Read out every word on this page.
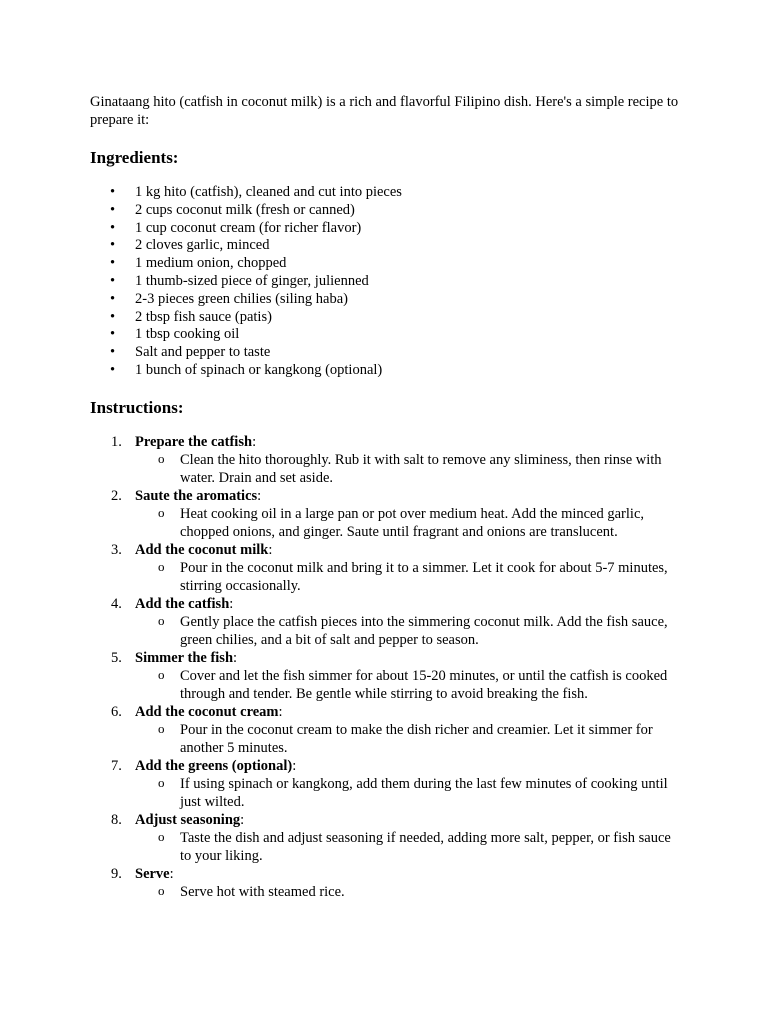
Ginataang hito (catfish in coconut milk) is a rich and flavorful Filipino dish. Here's a simple recipe to prepare it:

Ingredients:
• 1 kg hito (catfish), cleaned and cut into pieces
• 2 cups coconut milk (fresh or canned)
• 1 cup coconut cream (for richer flavor)
• 2 cloves garlic, minced
• 1 medium onion, chopped
• 1 thumb-sized piece of ginger, julienned
• 2-3 pieces green chilies (siling haba)
• 2 tbsp fish sauce (patis)
• 1 tbsp cooking oil
• Salt and pepper to taste
• 1 bunch of spinach or kangkong (optional)
Instructions:
1. Prepare the catfish:
o Clean the hito thoroughly. Rub it with salt to remove any sliminess, then rinse with water. Drain and set aside.
2. Saute the aromatics:
o Heat cooking oil in a large pan or pot over medium heat. Add the minced garlic, chopped onions, and ginger. Saute until fragrant and onions are translucent.
3. Add the coconut milk:
o Pour in the coconut milk and bring it to a simmer. Let it cook for about 5-7 minutes, stirring occasionally.
4. Add the catfish:
o Gently place the catfish pieces into the simmering coconut milk. Add the fish sauce, green chilies, and a bit of salt and pepper to season.
5. Simmer the fish:
o Cover and let the fish simmer for about 15-20 minutes, or until the catfish is cooked through and tender. Be gentle while stirring to avoid breaking the fish.
6. Add the coconut cream:
o Pour in the coconut cream to make the dish richer and creamier. Let it simmer for another 5 minutes.
7. Add the greens (optional):
o If using spinach or kangkong, add them during the last few minutes of cooking until just wilted.
8. Adjust seasoning:
o Taste the dish and adjust seasoning if needed, adding more salt, pepper, or fish sauce to your liking.
9. Serve:
o Serve hot with steamed rice.
